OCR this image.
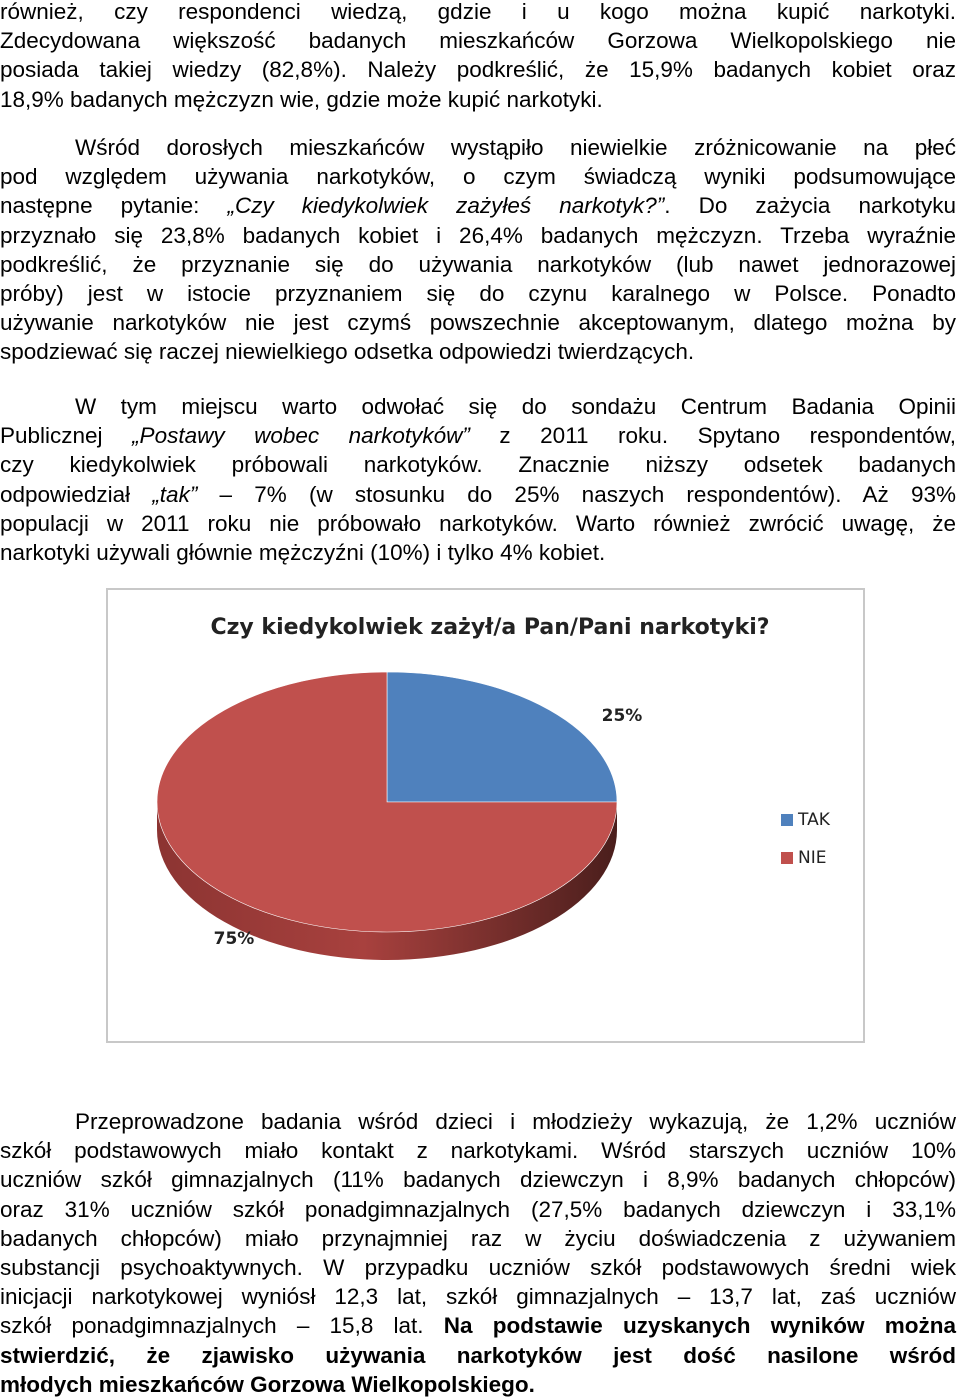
również, czy respondenci wiedzą, gdzie i u kogo można kupić narkotyki.
Zdecydowana większość badanych mieszkańców Gorzowa Wielkopolskiego nie
posiada takiej wiedzy (82,8%). Należy podkreślić, że 15,9% badanych kobiet oraz
18,9% badanych mężczyzn wie, gdzie może kupić narkotyki.
Wśród dorosłych mieszkańców wystąpiło niewielkie zróżnicowanie na płeć
pod względem używania narkotyków, o czym świadczą wyniki podsumowujące
następne pytanie: „Czy kiedykolwiek zażyłeś narkotyk?”. Do zażycia narkotyku
przyznało się 23,8% badanych kobiet i 26,4% badanych mężczyzn. Trzeba wyraźnie
podkreślić, że przyznanie się do używania narkotyków (lub nawet jednorazowej
próby) jest w istocie przyznaniem się do czynu karalnego w Polsce. Ponadto
używanie narkotyków nie jest czymś powszechnie akceptowanym, dlatego można by
spodziewać się raczej niewielkiego odsetka odpowiedzi twierdzących.
W tym miejscu warto odwołać się do sondażu Centrum Badania Opinii
Publicznej „Postawy wobec narkotyków” z 2011 roku. Spytano respondentów,
czy kiedykolwiek próbowali narkotyków. Znacznie niższy odsetek badanych
odpowiedział „tak” – 7% (w stosunku do 25% naszych respondentów). Aż 93%
populacji w 2011 roku nie próbowało narkotyków. Warto również zwrócić uwagę, że
narkotyki używali głównie mężczyźni (10%) i tylko 4% kobiet.
Czy kiedykolwiek zażył/a Pan/Pani narkotyki?
25%
75%
TAK
NIE
Przeprowadzone badania wśród dzieci i młodzieży wykazują, że 1,2% uczniów
szkół podstawowych miało kontakt z narkotykami. Wśród starszych uczniów 10%
uczniów szkół gimnazjalnych (11% badanych dziewczyn i 8,9% badanych chłopców)
oraz 31% uczniów szkół ponadgimnazjalnych (27,5% badanych dziewczyn i 33,1%
badanych chłopców) miało przynajmniej raz w życiu doświadczenia z używaniem
substancji psychoaktywnych. W przypadku uczniów szkół podstawowych średni wiek
inicjacji narkotykowej wyniósł 12,3 lat, szkół gimnazjalnych – 13,7 lat, zaś uczniów
szkół ponadgimnazjalnych – 15,8 lat. Na podstawie uzyskanych wyników można
stwierdzić, że zjawisko używania narkotyków jest dość nasilone wśród
młodych mieszkańców Gorzowa Wielkopolskiego.
